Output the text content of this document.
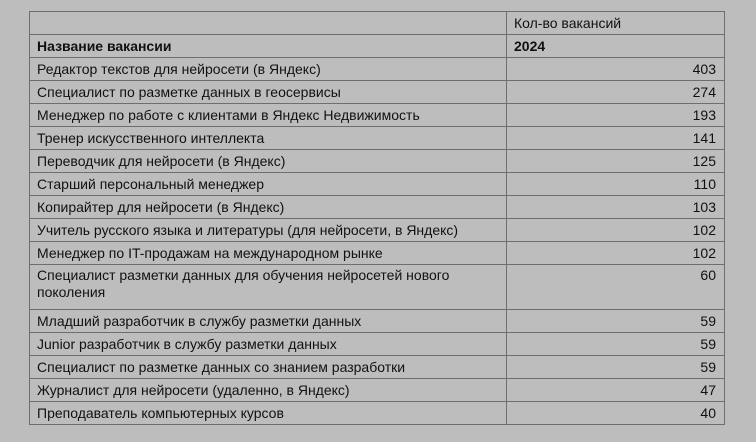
	Кол-во вакансий
Название вакансии	2024
Редактор текстов для нейросети (в Яндекс)	403
Специалист по разметке данных в геосервисы	274
Менеджер по работе с клиентами в Яндекс Недвижимость	193
Тренер искусственного интеллекта	141
Переводчик для нейросети (в Яндекс)	125
Старший персональный менеджер	110
Копирайтер для нейросети (в Яндекс)	103
Учитель русского языка и литературы (для нейросети, в Яндекс)	102
Менеджер по IT-продажам на международном рынке	102
Специалист разметки данных для обучения нейросетей нового поколения	60
Младший разработчик в службу разметки данных	59
Junior разработчик в службу разметки данных	59
Специалист по разметке данных со знанием разработки	59
Журналист для нейросети (удаленно, в Яндекс)	47
Преподаватель компьютерных курсов	40
